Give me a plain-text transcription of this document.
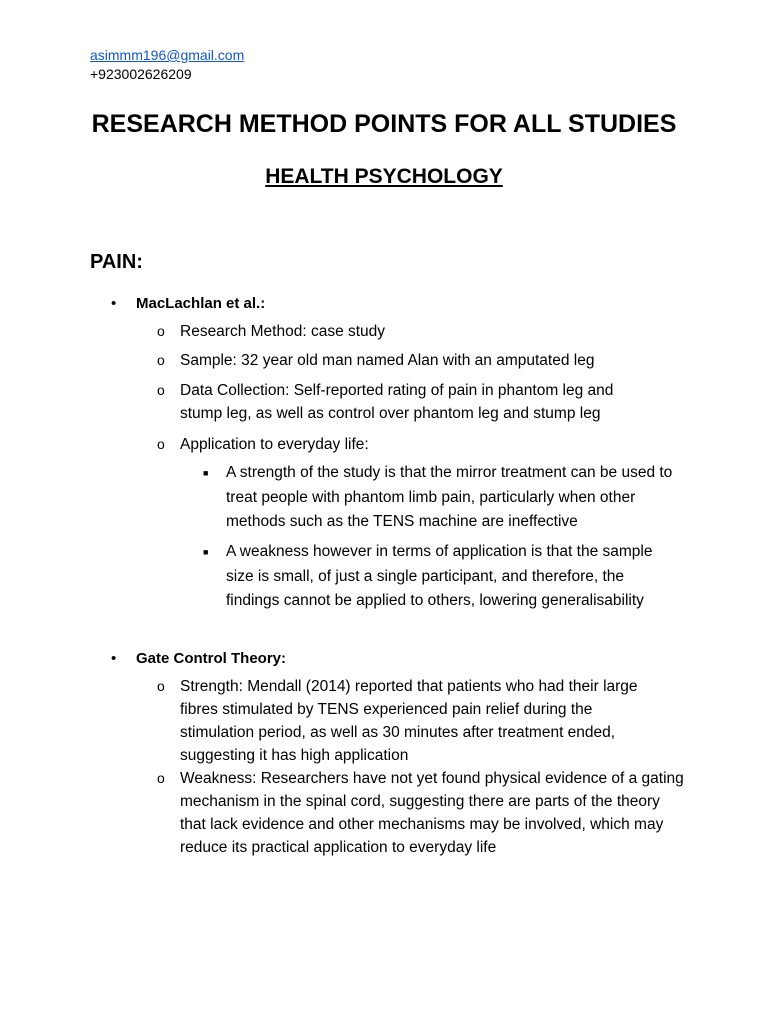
asimmm196@gmail.com
+923002626209
RESEARCH METHOD POINTS FOR ALL STUDIES
HEALTH PSYCHOLOGY
PAIN:
• MacLachlan et al.:
o Research Method: case study
o Sample: 32 year old man named Alan with an amputated leg
o Data Collection: Self-reported rating of pain in phantom leg and stump leg, as well as control over phantom leg and stump leg
o Application to everyday life:
■ A strength of the study is that the mirror treatment can be used to treat people with phantom limb pain, particularly when other methods such as the TENS machine are ineffective
■ A weakness however in terms of application is that the sample size is small, of just a single participant, and therefore, the findings cannot be applied to others, lowering generalisability
• Gate Control Theory:
o Strength: Mendall (2014) reported that patients who had their large fibres stimulated by TENS experienced pain relief during the stimulation period, as well as 30 minutes after treatment ended, suggesting it has high application
o Weakness: Researchers have not yet found physical evidence of a gating mechanism in the spinal cord, suggesting there are parts of the theory that lack evidence and other mechanisms may be involved, which may reduce its practical application to everyday life
